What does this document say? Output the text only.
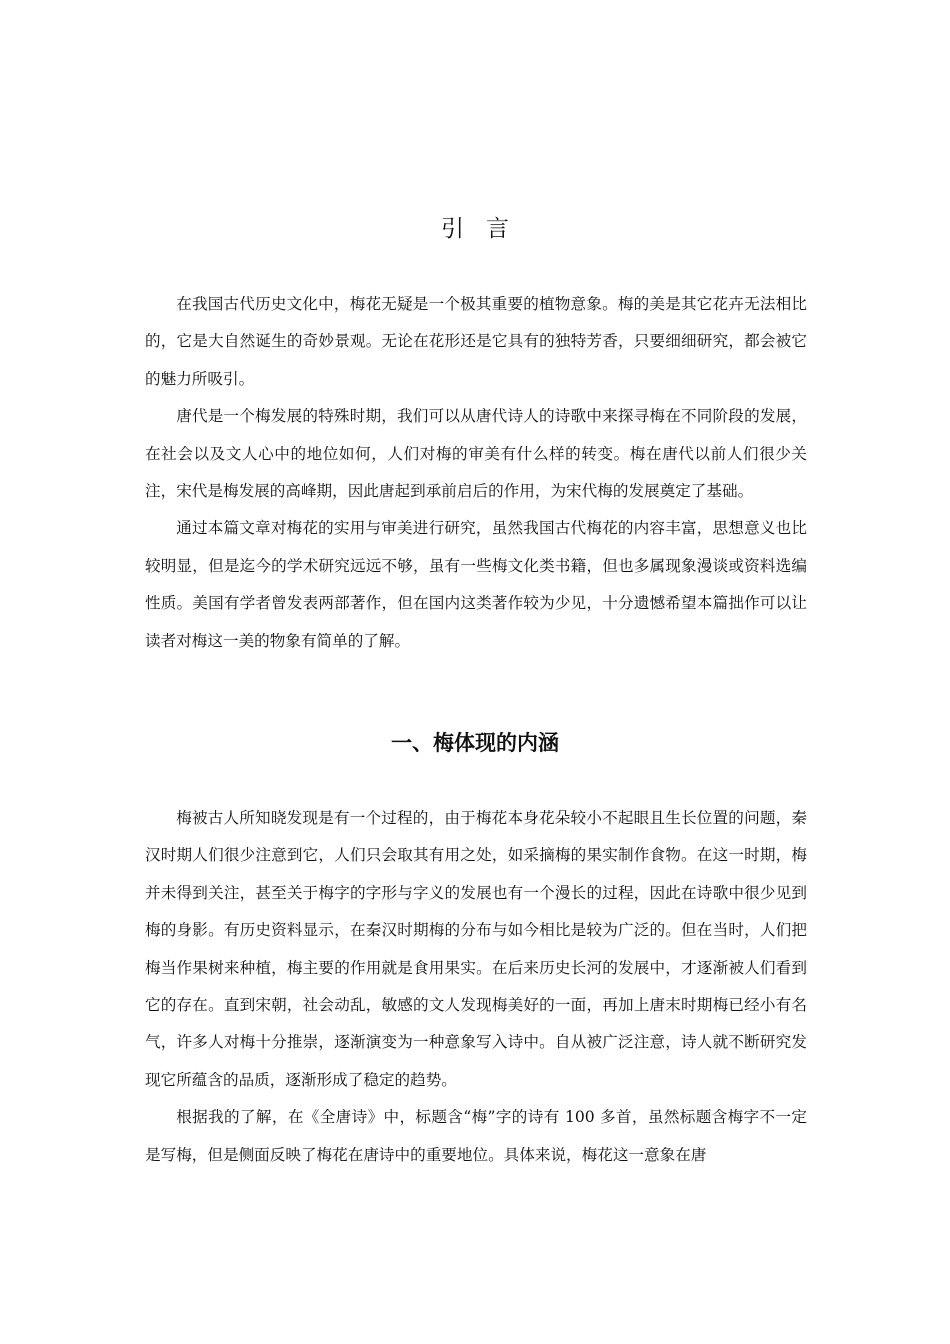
引言

在我国古代历史文化中，梅花无疑是一个极其重要的植物意象。梅的美是其它花卉无法相比的，它是大自然诞生的奇妙景观。无论在花形还是它具有的独特芳香，只要细细研究，都会被它的魅力所吸引。

唐代是一个梅发展的特殊时期，我们可以从唐代诗人的诗歌中来探寻梅在不同阶段的发展，在社会以及文人心中的地位如何，人们对梅的审美有什么样的转变。梅在唐代以前人们很少关注，宋代是梅发展的高峰期，因此唐起到承前启后的作用，为宋代梅的发展奠定了基础。

通过本篇文章对梅花的实用与审美进行研究，虽然我国古代梅花的内容丰富，思想意义也比较明显，但是迄今的学术研究远远不够，虽有一些梅文化类书籍，但也多属现象漫谈或资料选编性质。美国有学者曾发表两部著作，但在国内这类著作较为少见，十分遗憾希望本篇拙作可以让读者对梅这一美的物象有简单的了解。

一、梅体现的内涵

梅被古人所知晓发现是有一个过程的，由于梅花本身花朵较小不起眼且生长位置的问题，秦汉时期人们很少注意到它，人们只会取其有用之处，如采摘梅的果实制作食物。在这一时期，梅并未得到关注，甚至关于梅字的字形与字义的发展也有一个漫长的过程，因此在诗歌中很少见到梅的身影。有历史资料显示，在秦汉时期梅的分布与如今相比是较为广泛的。但在当时，人们把梅当作果树来种植，梅主要的作用就是食用果实。在后来历史长河的发展中，才逐渐被人们看到它的存在。直到宋朝，社会动乱，敏感的文人发现梅美好的一面，再加上唐末时期梅已经小有名气，许多人对梅十分推崇，逐渐演变为一种意象写入诗中。自从被广泛注意，诗人就不断研究发现它所蕴含的品质，逐渐形成了稳定的趋势。

根据我的了解，在《全唐诗》中，标题含“梅”字的诗有 100 多首，虽然标题含梅字不一定是写梅，但是侧面反映了梅花在唐诗中的重要地位。具体来说，梅花这一意象在唐
